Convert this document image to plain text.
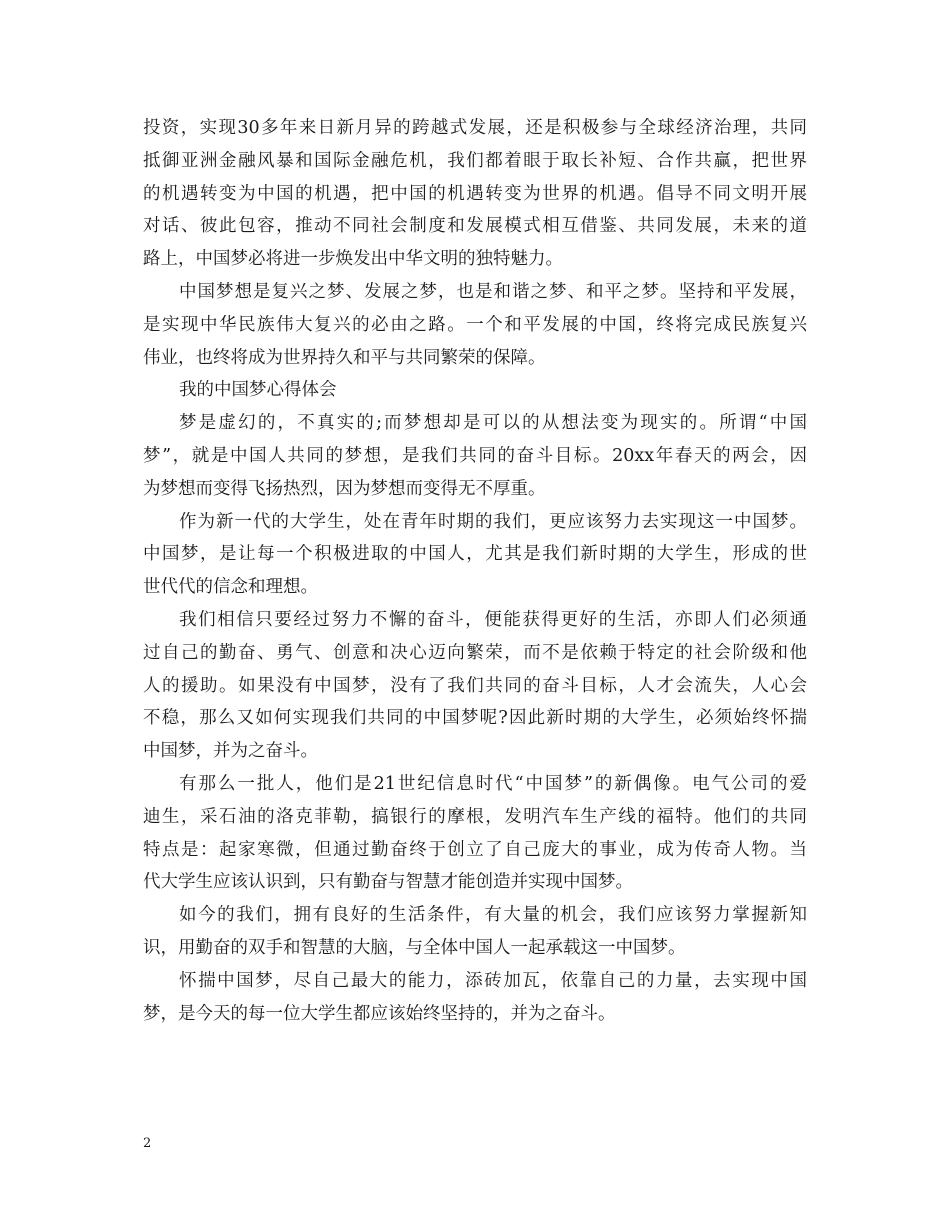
投资，实现30多年来日新月异的跨越式发展，还是积极参与全球经济治理，共同
抵御亚洲金融风暴和国际金融危机，我们都着眼于取长补短、合作共赢，把世界
的机遇转变为中国的机遇，把中国的机遇转变为世界的机遇。倡导不同文明开展
对话、彼此包容，推动不同社会制度和发展模式相互借鉴、共同发展，未来的道
路上，中国梦必将进一步焕发出中华文明的独特魅力。
中国梦想是复兴之梦、发展之梦，也是和谐之梦、和平之梦。坚持和平发展，
是实现中华民族伟大复兴的必由之路。一个和平发展的中国，终将完成民族复兴
伟业，也终将成为世界持久和平与共同繁荣的保障。
我的中国梦心得体会
梦是虚幻的，不真实的;而梦想却是可以的从想法变为现实的。所谓“中国
梦”，就是中国人共同的梦想，是我们共同的奋斗目标。20xx年春天的两会，因
为梦想而变得飞扬热烈，因为梦想而变得无不厚重。
作为新一代的大学生，处在青年时期的我们，更应该努力去实现这一中国梦。
中国梦，是让每一个积极进取的中国人，尤其是我们新时期的大学生，形成的世
世代代的信念和理想。
我们相信只要经过努力不懈的奋斗，便能获得更好的生活，亦即人们必须通
过自己的勤奋、勇气、创意和决心迈向繁荣，而不是依赖于特定的社会阶级和他
人的援助。如果没有中国梦，没有了我们共同的奋斗目标，人才会流失，人心会
不稳，那么又如何实现我们共同的中国梦呢?因此新时期的大学生，必须始终怀揣
中国梦，并为之奋斗。
有那么一批人，他们是21世纪信息时代“中国梦”的新偶像。电气公司的爱
迪生，采石油的洛克菲勒，搞银行的摩根，发明汽车生产线的福特。他们的共同
特点是：起家寒微，但通过勤奋终于创立了自己庞大的事业，成为传奇人物。当
代大学生应该认识到，只有勤奋与智慧才能创造并实现中国梦。
如今的我们，拥有良好的生活条件，有大量的机会，我们应该努力掌握新知
识，用勤奋的双手和智慧的大脑，与全体中国人一起承载这一中国梦。
怀揣中国梦，尽自己最大的能力，添砖加瓦，依靠自己的力量，去实现中国
梦，是今天的每一位大学生都应该始终坚持的，并为之奋斗。
2
